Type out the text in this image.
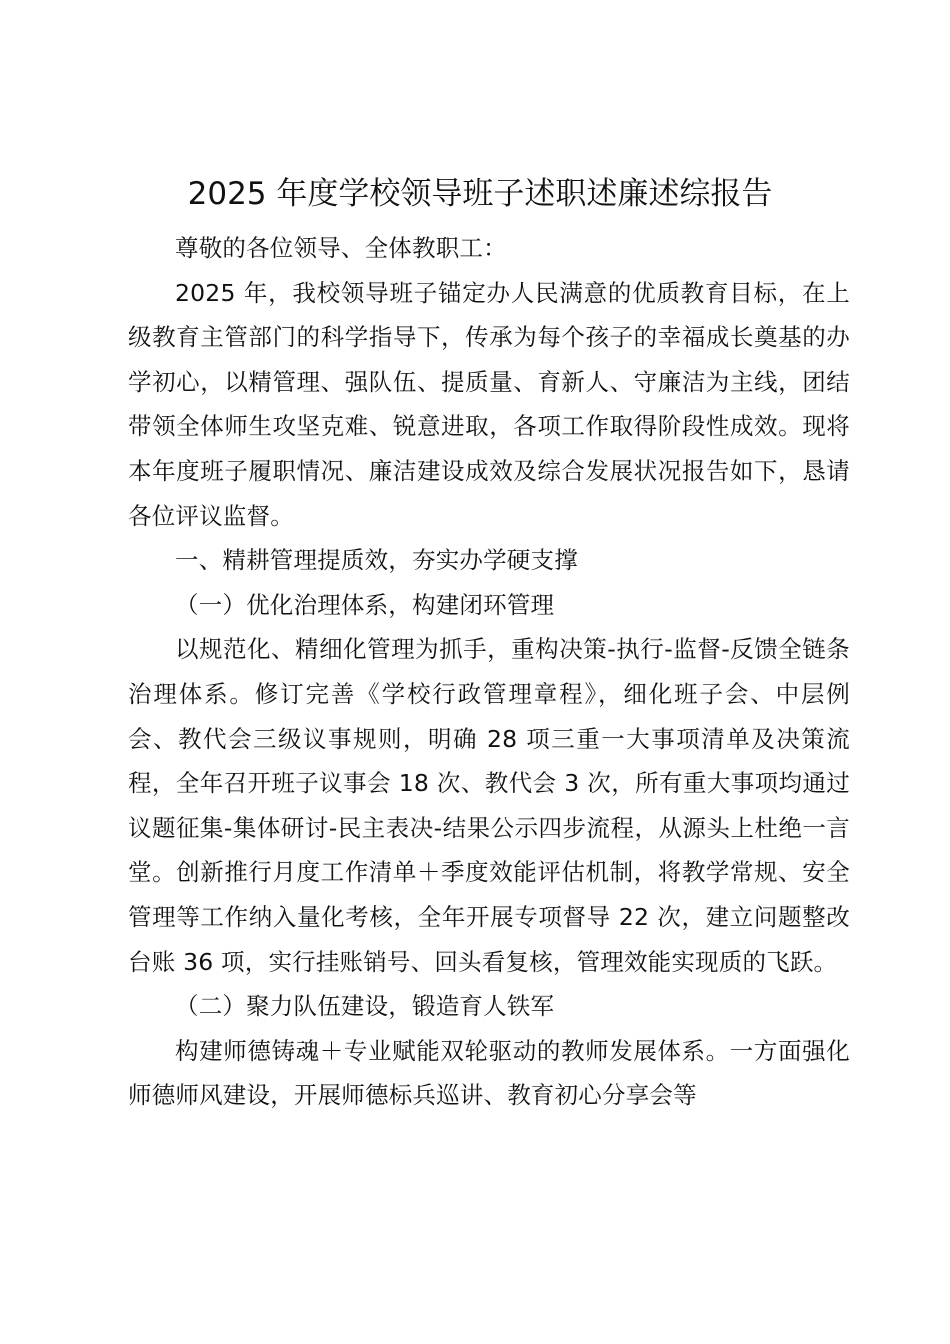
2025 年度学校领导班子述职述廉述综报告

尊敬的各位领导、全体教职工：

2025 年，我校领导班子锚定办人民满意的优质教育目标，在上级教育主管部门的科学指导下，传承为每个孩子的幸福成长奠基的办学初心，以精管理、强队伍、提质量、育新人、守廉洁为主线，团结带领全体师生攻坚克难、锐意进取，各项工作取得阶段性成效。现将本年度班子履职情况、廉洁建设成效及综合发展状况报告如下，恳请各位评议监督。

一、精耕管理提质效，夯实办学硬支撑

（一）优化治理体系，构建闭环管理

以规范化、精细化管理为抓手，重构决策-执行-监督-反馈全链条治理体系。修订完善《学校行政管理章程》，细化班子会、中层例会、教代会三级议事规则，明确 28 项三重一大事项清单及决策流程，全年召开班子议事会 18 次、教代会 3 次，所有重大事项均通过议题征集-集体研讨-民主表决-结果公示四步流程，从源头上杜绝一言堂。创新推行月度工作清单＋季度效能评估机制，将教学常规、安全管理等工作纳入量化考核，全年开展专项督导 22 次，建立问题整改台账 36 项，实行挂账销号、回头看复核，管理效能实现质的飞跃。

（二）聚力队伍建设，锻造育人铁军

构建师德铸魂＋专业赋能双轮驱动的教师发展体系。一方面强化师德师风建设，开展师德标兵巡讲、教育初心分享会等
